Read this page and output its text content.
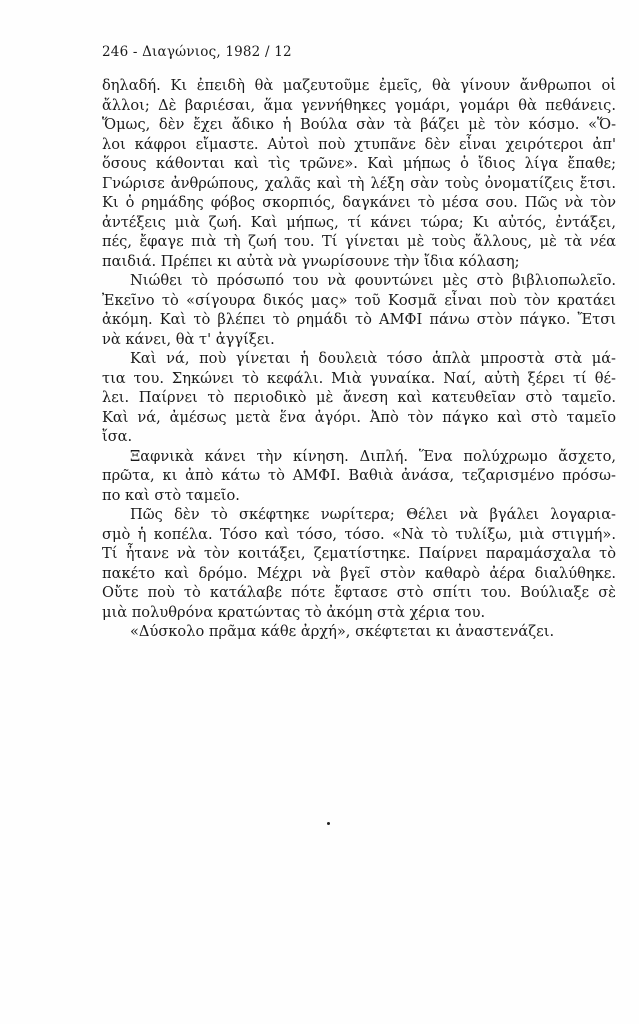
246 - Διαγώνιος, 1982 / 12
δηλαδή. Κι ἐπειδὴ θὰ μαζευτοῦμε ἐμεῖς, θὰ γίνουν ἄνθρωποι οἱ
ἄλλοι; Δὲ βαριέσαι, ἅμα γεννήθηκες γομάρι, γομάρι θὰ πεθάνεις.
Ὅμως, δὲν ἔχει ἄδικο ἡ Βούλα σὰν τὰ βάζει μὲ τὸν κόσμο. «Ὅ-
λοι κάφροι εἴμαστε. Αὐτοὶ ποὺ χτυπᾶνε δὲν εἶναι χειρότεροι ἀπ'
ὅσους κάθονται καὶ τὶς τρῶνε». Καὶ μήπως ὁ ἴδιος λίγα ἔπαθε;
Γνώρισε ἀνθρώπους, χαλᾶς καὶ τὴ λέξη σὰν τοὺς ὀνοματίζεις ἔτσι.
Κι ὁ ρημάδης φόβος σκορπιός, δαγκάνει τὸ μέσα σου. Πῶς νὰ τὸν
ἀντέξεις μιὰ ζωή. Καὶ μήπως, τί κάνει τώρα; Κι αὐτός, ἐντάξει,
πές, ἔφαγε πιὰ τὴ ζωή του. Τί γίνεται μὲ τοὺς ἄλλους, μὲ τὰ νέα
παιδιά. Πρέπει κι αὐτὰ νὰ γνωρίσουνε τὴν ἴδια κόλαση;
Νιώθει τὸ πρόσωπό του νὰ φουντώνει μὲς στὸ βιβλιοπωλεῖο.
Ἐκεῖνο τὸ «σίγουρα δικός μας» τοῦ Κοσμᾶ εἶναι ποὺ τὸν κρατάει
ἀκόμη. Καὶ τὸ βλέπει τὸ ρημάδι τὸ ΑΜΦΙ πάνω στὸν πάγκο. Ἔτσι
νὰ κάνει, θὰ τ' ἀγγίξει.
Καὶ νά, ποὺ γίνεται ἡ δουλειὰ τόσο ἁπλὰ μπροστὰ στὰ μά-
τια του. Σηκώνει τὸ κεφάλι. Μιὰ γυναίκα. Ναί, αὐτὴ ξέρει τί θέ-
λει. Παίρνει τὸ περιοδικὸ μὲ ἄνεση καὶ κατευθεῖαν στὸ ταμεῖο.
Καὶ νά, ἀμέσως μετὰ ἕνα ἀγόρι. Ἀπὸ τὸν πάγκο καὶ στὸ ταμεῖο
ἴσα.
Ξαφνικὰ κάνει τὴν κίνηση. Διπλή. Ἕνα πολύχρωμο ἄσχετο,
πρῶτα, κι ἀπὸ κάτω τὸ ΑΜΦΙ. Βαθιὰ ἀνάσα, τεζαρισμένο πρόσω-
πο καὶ στὸ ταμεῖο.
Πῶς δὲν τὸ σκέφτηκε νωρίτερα; Θέλει νὰ βγάλει λογαρια-
σμὸ ἡ κοπέλα. Τόσο καὶ τόσο, τόσο. «Νὰ τὸ τυλίξω, μιὰ στιγμή».
Τί ἦτανε νὰ τὸν κοιτάξει, ζεματίστηκε. Παίρνει παραμάσχαλα τὸ
πακέτο καὶ δρόμο. Μέχρι νὰ βγεῖ στὸν καθαρὸ ἀέρα διαλύθηκε.
Οὔτε ποὺ τὸ κατάλαβε πότε ἔφτασε στὸ σπίτι του. Βούλιαξε σὲ
μιὰ πολυθρόνα κρατώντας τὸ ἀκόμη στὰ χέρια του.
«Δύσκολο πρᾶμα κάθε ἀρχή», σκέφτεται κι ἀναστενάζει.
